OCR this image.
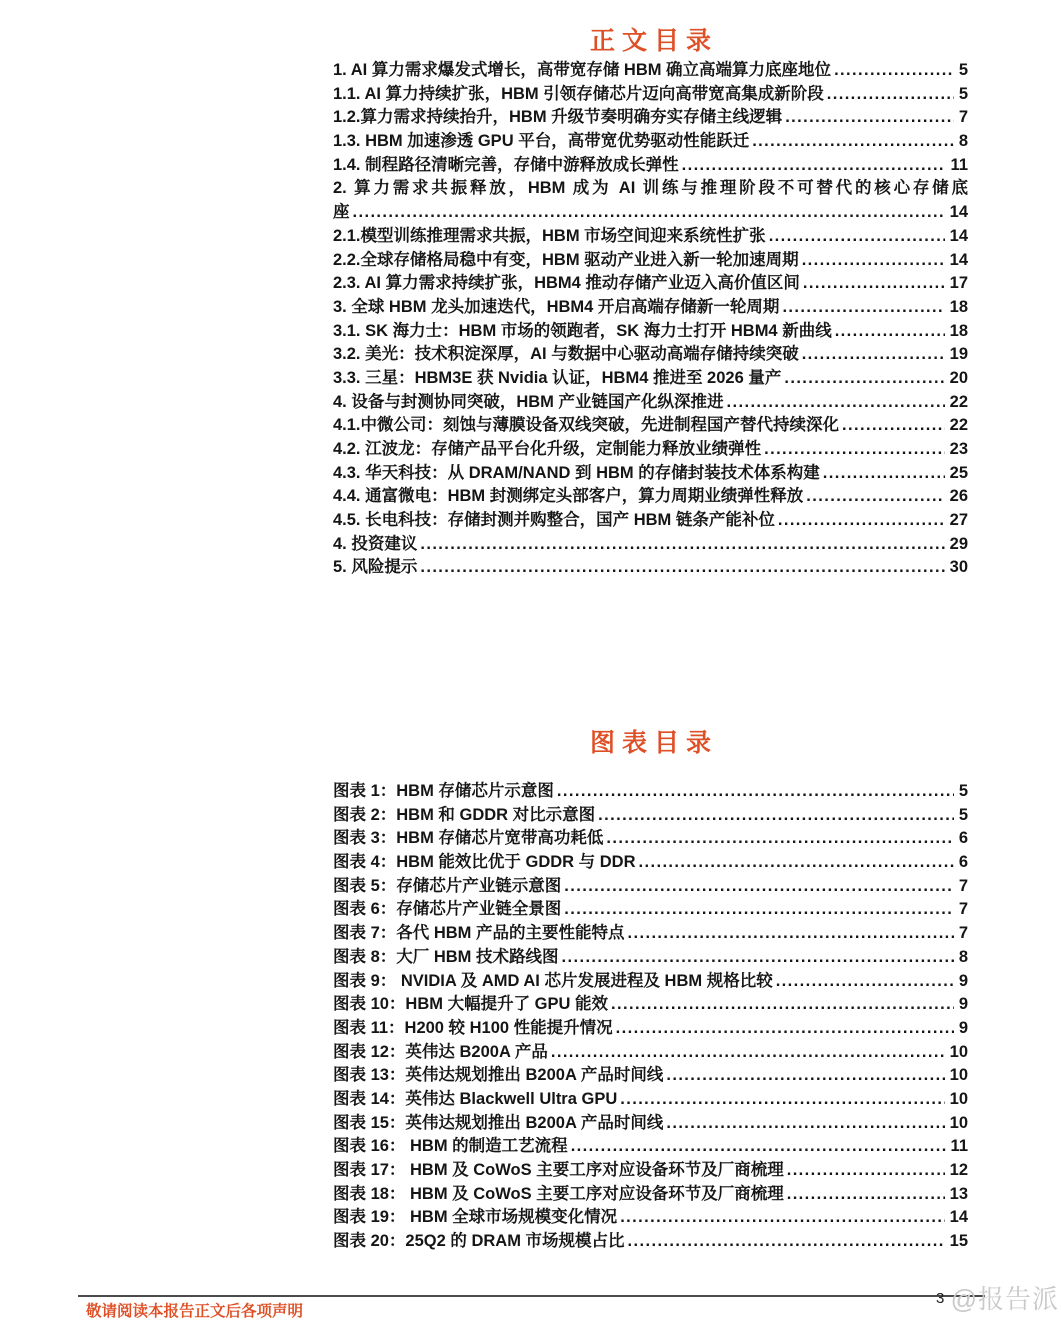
正文目录
1. AI 算力需求爆发式增长，高带宽存储 HBM 确立高端算力底座地位 .....	5
1.1. AI 算力持续扩张，HBM 引领存储芯片迈向高带宽高集成新阶段 .....	5
1.2.算力需求持续抬升，HBM 升级节奏明确夯实存储主线逻辑 .....	7
1.3. HBM 加速渗透 GPU 平台，高带宽优势驱动性能跃迁 .....	8
1.4. 制程路径清晰完善，存储中游释放成长弹性 .....	11
2. 算力需求共振释放，HBM 成为 AI 训练与推理阶段不可替代的核心存储底
座 .....	14
2.1.模型训练推理需求共振，HBM 市场空间迎来系统性扩张 .....	14
2.2.全球存储格局稳中有变，HBM 驱动产业进入新一轮加速周期 .....	14
2.3. AI 算力需求持续扩张，HBM4 推动存储产业迈入高价值区间 .....	17
3. 全球 HBM 龙头加速迭代，HBM4 开启高端存储新一轮周期 .....	18
3.1. SK 海力士：HBM 市场的领跑者，SK 海力士打开 HBM4 新曲线 .....	18
3.2. 美光：技术积淀深厚，AI 与数据中心驱动高端存储持续突破 .....	19
3.3. 三星：HBM3E 获 Nvidia 认证，HBM4 推进至 2026 量产 .....	20
4. 设备与封测协同突破，HBM 产业链国产化纵深推进 .....	22
4.1.中微公司：刻蚀与薄膜设备双线突破，先进制程国产替代持续深化 .....	22
4.2. 江波龙：存储产品平台化升级，定制能力释放业绩弹性 .....	23
4.3. 华天科技：从 DRAM/NAND 到 HBM 的存储封装技术体系构建 .....	25
4.4. 通富微电：HBM 封测绑定头部客户，算力周期业绩弹性释放 .....	26
4.5. 长电科技：存储封测并购整合，国产 HBM 链条产能补位 .....	27
4. 投资建议 .....	29
5. 风险提示 .....	30
图表目录
图表 1：HBM 存储芯片示意图 .....	5
图表 2：HBM 和 GDDR 对比示意图 .....	5
图表 3：HBM 存储芯片宽带高功耗低 .....	6
图表 4：HBM 能效比优于 GDDR 与 DDR .....	6
图表 5：存储芯片产业链示意图 .....	7
图表 6：存储芯片产业链全景图 .....	7
图表 7：各代 HBM 产品的主要性能特点 .....	7
图表 8：大厂 HBM 技术路线图 .....	8
图表 9： NVIDIA 及 AMD AI 芯片发展进程及 HBM 规格比较 .....	9
图表 10：HBM 大幅提升了 GPU 能效 .....	9
图表 11：H200 较 H100 性能提升情况 .....	9
图表 12：英伟达 B200A 产品 .....	10
图表 13：英伟达规划推出 B200A 产品时间线 .....	10
图表 14：英伟达 Blackwell Ultra GPU .....	10
图表 15：英伟达规划推出 B200A 产品时间线 .....	10
图表 16： HBM 的制造工艺流程 .....	11
图表 17： HBM 及 CoWoS 主要工序对应设备环节及厂商梳理 .....	12
图表 18： HBM 及 CoWoS 主要工序对应设备环节及厂商梳理 .....	13
图表 19： HBM 全球市场规模变化情况 .....	14
图表 20：25Q2 的 DRAM 市场规模占比 .....	15
敬请阅读本报告正文后各项声明
3 @报告派
